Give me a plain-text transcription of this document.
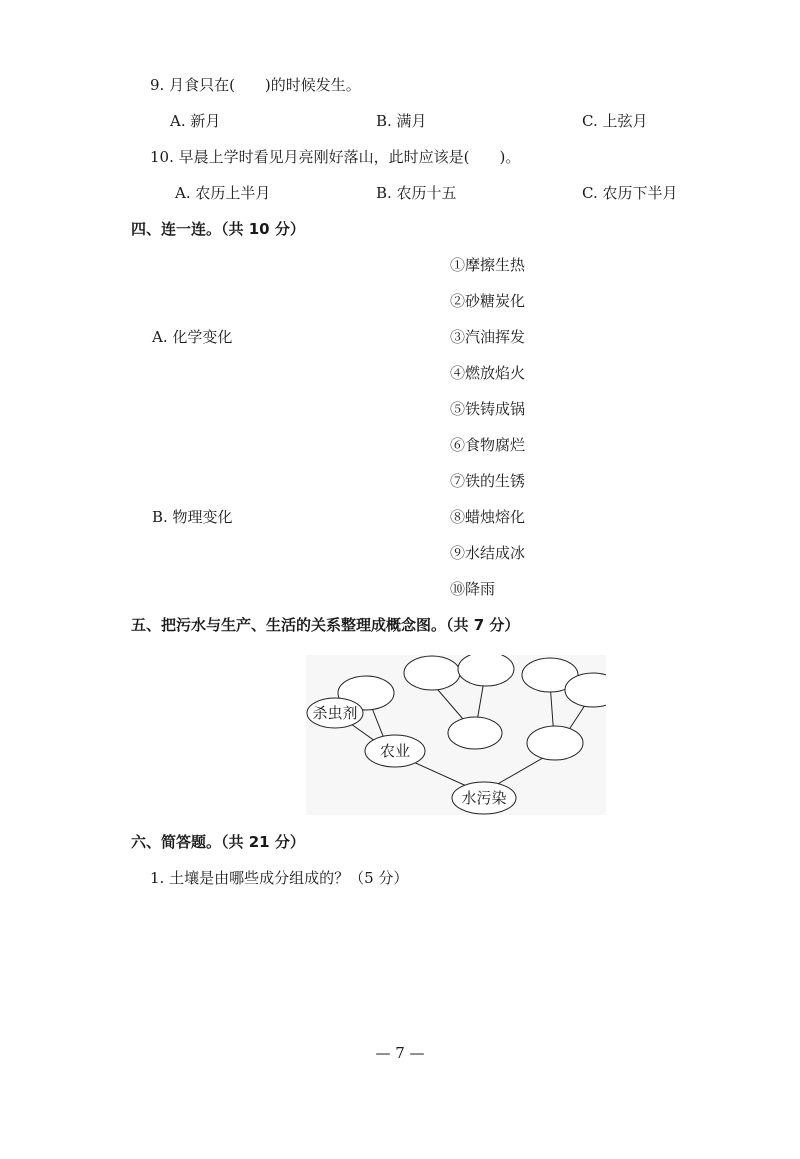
9. 月食只在(　　)的时候发生。
A. 新月	B. 满月	C. 上弦月
10. 早晨上学时看见月亮刚好落山，此时应该是(　　)。
A. 农历上半月	B. 农历十五	C. 农历下半月
四、连一连。（共 10 分）
A. 化学变化
B. 物理变化
①摩擦生热
②砂糖炭化
③汽油挥发
④燃放焰火
⑤铁铸成锅
⑥食物腐烂
⑦铁的生锈
⑧蜡烛熔化
⑨水结成冰
⑩降雨
五、把污水与生产、生活的关系整理成概念图。（共 7 分）
杀虫剂
农业
水污染
六、简答题。（共 21 分）
1. 土壤是由哪些成分组成的？（5 分）
— 7 —
